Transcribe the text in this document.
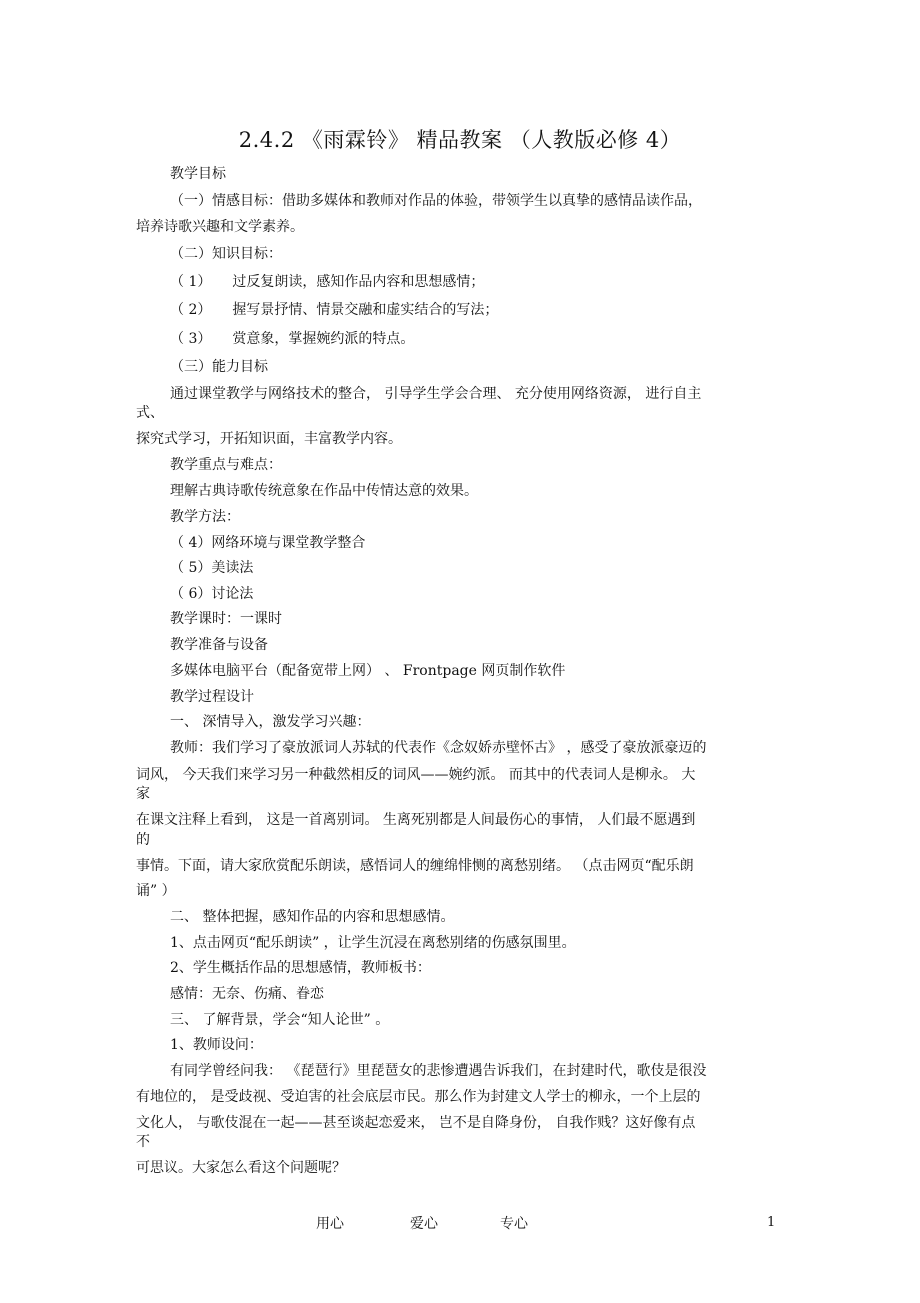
2.4.2 《雨霖铃》 精品教案 （人教版必修 4）
教学目标
（一）情感目标：借助多媒体和教师对作品的体验，带领学生以真挚的感情品读作品，
培养诗歌兴趣和文学素养。
（二）知识目标：
（ 1）　　过反复朗读，感知作品内容和思想感情；
（ 2）　　握写景抒情、情景交融和虚实结合的写法；
（ 3）　　赏意象，掌握婉约派的特点。
（三）能力目标
通过课堂教学与网络技术的整合， 引导学生学会合理、 充分使用网络资源， 进行自主
式、
探究式学习，开拓知识面，丰富教学内容。
教学重点与难点：
理解古典诗歌传统意象在作品中传情达意的效果。
教学方法：
（ 4）网络环境与课堂教学整合
（ 5）美读法
（ 6）讨论法
教学课时：一课时
教学准备与设备
多媒体电脑平台（配备宽带上网） 、 Frontpage 网页制作软件
教学过程设计
一、 深情导入，激发学习兴趣：
教师：我们学习了豪放派词人苏轼的代表作《念奴娇赤壁怀古》 ，感受了豪放派豪迈的
词风， 今天我们来学习另一种截然相反的词风——婉约派。 而其中的代表词人是柳永。 大
家
在课文注释上看到， 这是一首离别词。 生离死别都是人间最伤心的事情， 人们最不愿遇到
的
事情。下面，请大家欣赏配乐朗读，感悟词人的缠绵悱恻的离愁别绪。 （点击网页“配乐朗
诵” ）
二、 整体把握，感知作品的内容和思想感情。
1、点击网页“配乐朗读” ，让学生沉浸在离愁别绪的伤感氛围里。
2、学生概括作品的思想感情，教师板书：
感情：无奈、伤痛、眷恋
三、 了解背景，学会“知人论世” 。
1、教师设问：
有同学曾经问我： 《琵琶行》里琵琶女的悲惨遭遇告诉我们，在封建时代，歌伎是很没
有地位的， 是受歧视、受迫害的社会底层市民。那么作为封建文人学士的柳永，一个上层的
文化人， 与歌伎混在一起——甚至谈起恋爱来， 岂不是自降身份， 自我作贱？这好像有点
不
可思议。大家怎么看这个问题呢？
用心	爱心	专心	1
